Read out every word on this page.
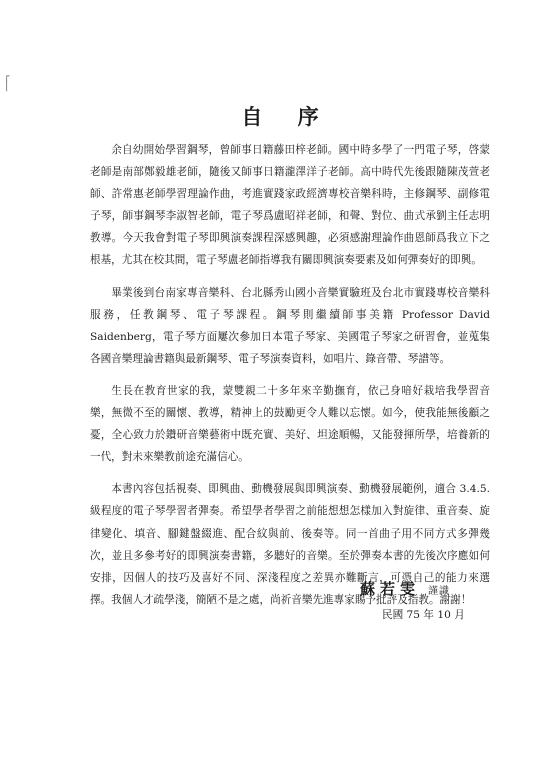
┌
│
自 序

余自幼開始學習鋼琴，曾師事日籍藤田梓老師。國中時多學了一門電子琴，啓蒙老師是南部鄭毅雄老師，隨後又師事日籍瀧澤洋子老師。高中時代先後跟隨陳茂萱老師、許常惠老師學習理論作曲，考進實踐家政經濟專校音樂科時，主修鋼琴、副修電子琴，師事鋼琴李淑智老師，電子琴爲盧昭祥老師，和聲、對位、曲式承劉主任志明教導。今天我會對電子琴即興演奏課程深感興趣，必須感謝理論作曲恩師爲我立下之根基，尤其在校其間，電子琴盧老師指導我有關即興演奏要素及如何彈奏好的即興。

畢業後到台南家專音樂科、台北縣秀山國小音樂實驗班及台北市實踐專校音樂科服務，任教鋼琴、電子琴課程。鋼琴則繼續師事美籍 Professor David Saidenberg，電子琴方面屢次參加日本電子琴家、美國電子琴家之研習會，並蒐集各國音樂理論書籍與最新鋼琴、電子琴演奏資料，如唱片、錄音帶、琴譜等。

生長在教育世家的我，蒙雙親二十多年來辛勤撫育，依己身喑好栽培我學習音樂，無微不至的關懷、教導，精神上的鼓勵更令人難以忘懷。如今，使我能無後顧之憂，全心致力於鑽研音樂藝術中既充實、美好、坦途順暢，又能發揮所學，培養新的一代，對未來樂教前途充滿信心。

本書內容包括視奏、即興曲、動機發展與即興演奏、動機發展範例，適合 3.4.5.級程度的電子琴學習者彈奏。希望學者學習之前能想想怎樣加入對旋律、重音奏、旋律變化、填音、腳鍵盤綴進、配合紋與前、後奏等。同一首曲子用不同方式多彈幾次，並且多參考好的即興演奏書籍，多聽好的音樂。至於彈奏本書的先後次序應如何安排，因個人的技巧及喜好不同、深淺程度之差異亦難斷言，可憑自己的能力來選擇。我個人才疏學淺，簡陋不是之處，尚祈音樂先進專家賜予批評及指教。謝謝！

蘇若雯 謹識
民國 75 年 10 月
